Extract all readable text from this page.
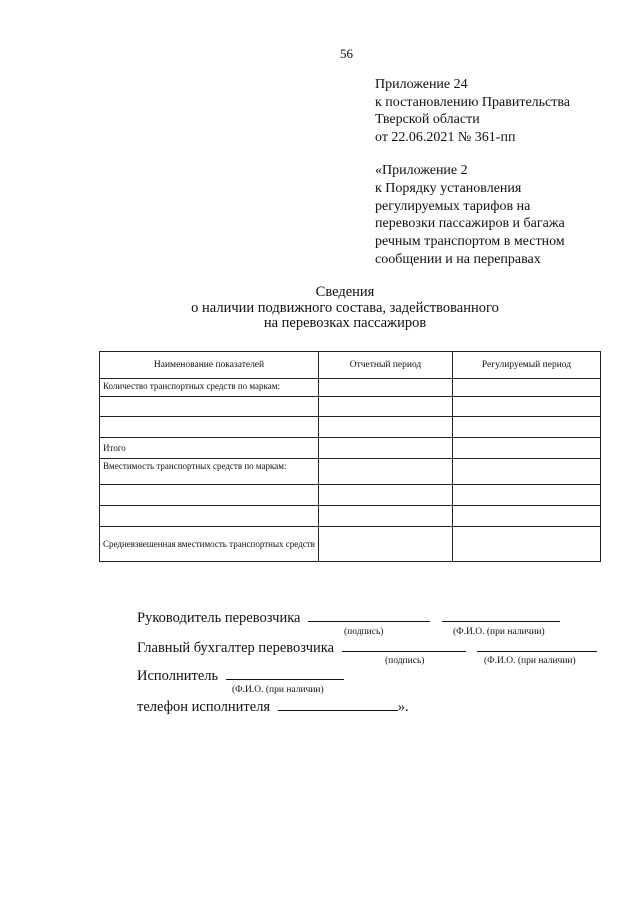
56
Приложение 24
к постановлению Правительства
Тверской области
от 22.06.2021 № 361-пп
«Приложение 2
к Порядку установления
регулируемых тарифов на
перевозки пассажиров и багажа
речным транспортом в местном
сообщении и на переправах
Сведения
о наличии подвижного состава, задействованного
на перевозках пассажиров
Наименование показателей	Отчетный период	Регулируемый период
Количество транспортных средств по маркам:		

Итого		
Вместимость транспортных средств по маркам:		

Средневзвешенная вместимость транспортных средств		
Руководитель перевозчика
(подпись)	(Ф.И.О. (при наличии)
Главный бухгалтер перевозчика
(подпись)	(Ф.И.О. (при наличии)
Исполнитель
(Ф.И.О. (при наличии)
телефон исполнителя	».
